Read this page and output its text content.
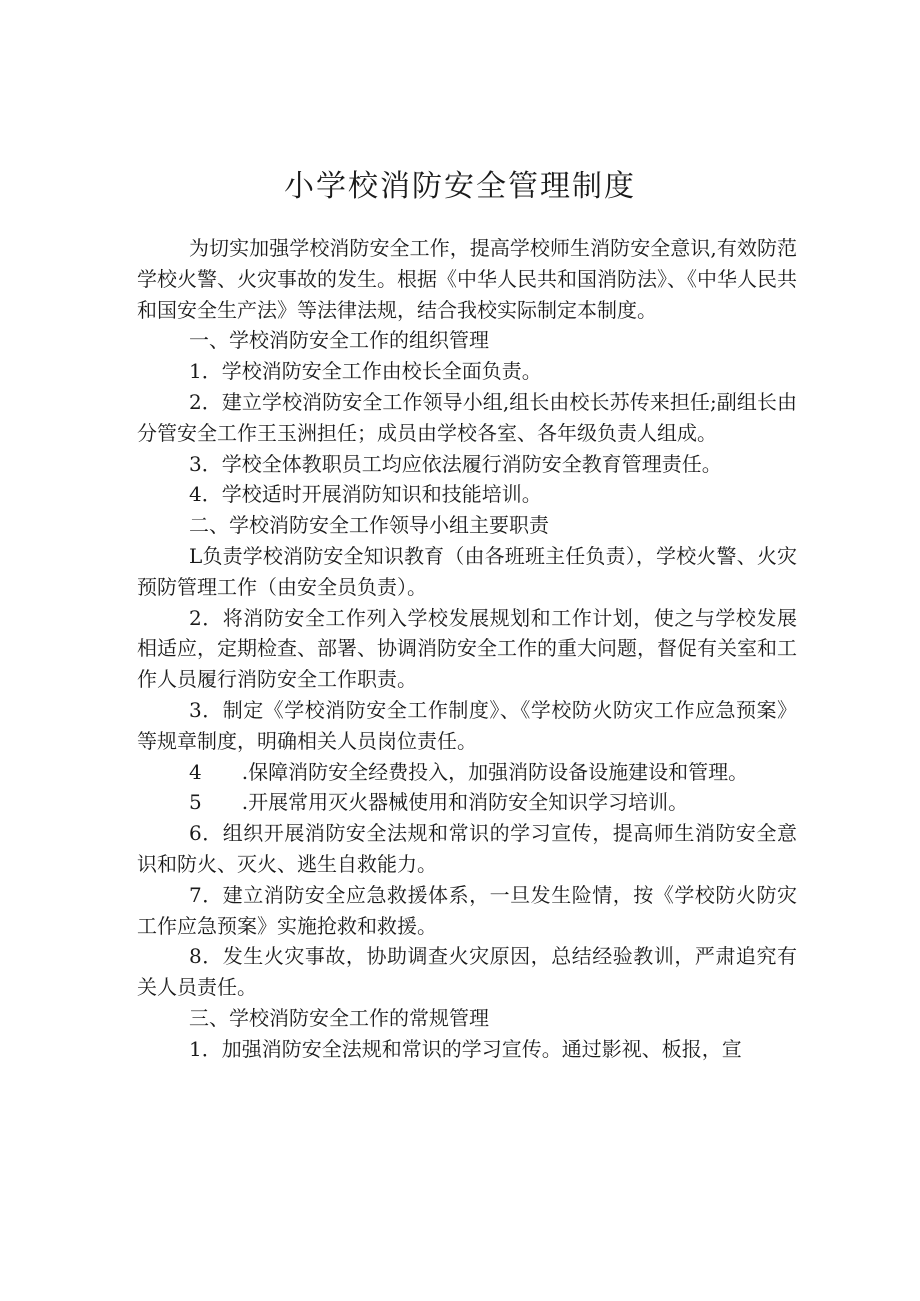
小学校消防安全管理制度

为切实加强学校消防安全工作，提高学校师生消防安全意识,有效防范学校火警、火灾事故的发生。根据《中华人民共和国消防法》、《中华人民共和国安全生产法》等法律法规，结合我校实际制定本制度。

一、学校消防安全工作的组织管理

1．学校消防安全工作由校长全面负责。

2．建立学校消防安全工作领导小组,组长由校长苏传来担任;副组长由分管安全工作王玉洲担任；成员由学校各室、各年级负责人组成。

3．学校全体教职员工均应依法履行消防安全教育管理责任。

4．学校适时开展消防知识和技能培训。

二、学校消防安全工作领导小组主要职责

L负责学校消防安全知识教育（由各班班主任负责），学校火警、火灾预防管理工作（由安全员负责）。

2．将消防安全工作列入学校发展规划和工作计划，使之与学校发展相适应，定期检查、部署、协调消防安全工作的重大问题，督促有关室和工作人员履行消防安全工作职责。

3．制定《学校消防安全工作制度》、《学校防火防灾工作应急预案》等规章制度，明确相关人员岗位责任。

4　　.保障消防安全经费投入，加强消防设备设施建设和管理。

5　　.开展常用灭火器械使用和消防安全知识学习培训。

6．组织开展消防安全法规和常识的学习宣传，提高师生消防安全意识和防火、灭火、逃生自救能力。

7．建立消防安全应急救援体系，一旦发生险情，按《学校防火防灾工作应急预案》实施抢救和救援。

8．发生火灾事故，协助调查火灾原因，总结经验教训，严肃追究有关人员责任。

三、学校消防安全工作的常规管理

1．加强消防安全法规和常识的学习宣传。通过影视、板报，宣
